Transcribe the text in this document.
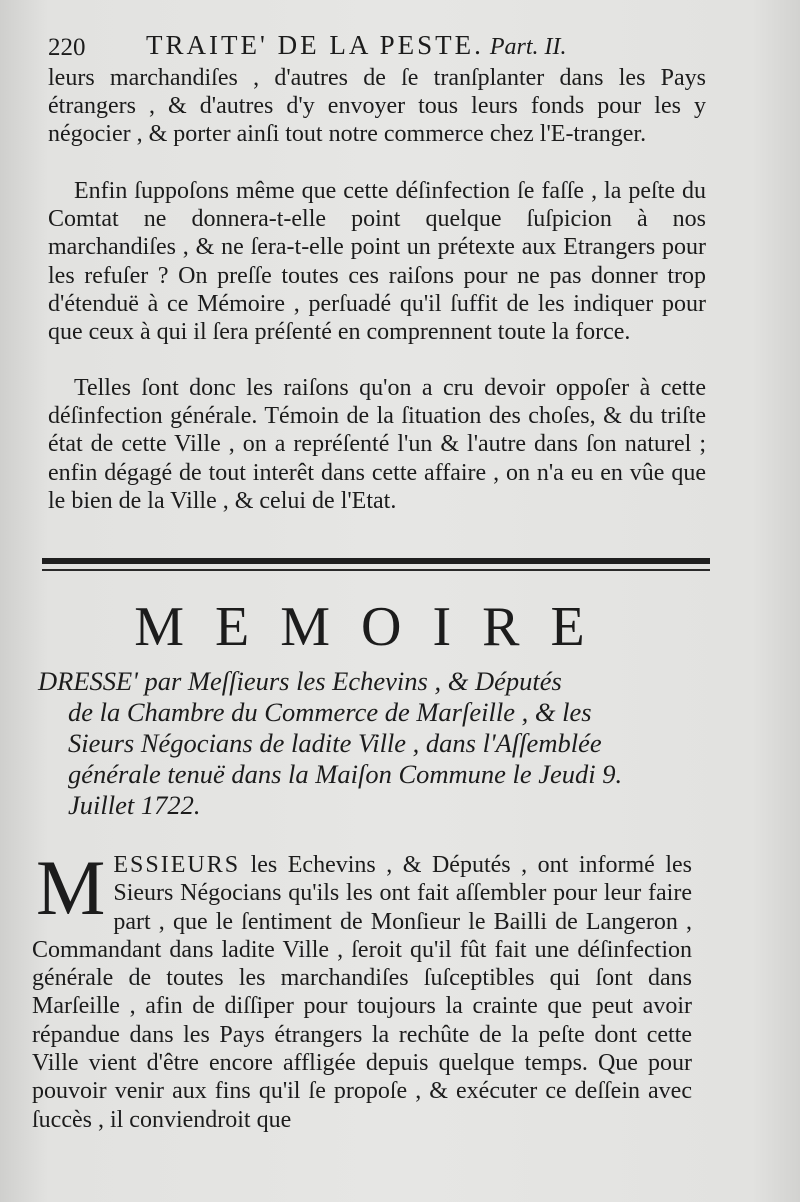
220 TRAITE' DE LA PESTE. Part. II.

leurs marchandiſes , d'autres de ſe tranſplanter dans les Pays étrangers , & d'autres d'y envoyer tous leurs fonds pour les y négocier , & porter ainſi tout notre commerce chez l'E-tranger.

Enfin ſuppoſons même que cette déſinfection ſe faſſe , la peſte du Comtat ne donnera-t-elle point quelque ſuſpicion à nos marchandiſes , & ne ſera-t-elle point un prétexte aux Etrangers pour les refuſer ? On preſſe toutes ces raiſons pour ne pas donner trop d'étenduë à ce Mémoire , perſuadé qu'il ſuffit de les indiquer pour que ceux à qui il ſera préſenté en comprennent toute la force.

Telles ſont donc les raiſons qu'on a cru devoir oppoſer à cette déſinfection générale. Témoin de la ſituation des choſes, & du triſte état de cette Ville , on a repréſenté l'un & l'autre dans ſon naturel ; enfin dégagé de tout interêt dans cette affaire , on n'a eu en vûe que le bien de la Ville , & celui de l'Etat.

MEMOIRE

DRESSE' par Meſſieurs les Echevins , & Députés
de la Chambre du Commerce de Marſeille , & les
Sieurs Négocians de ladite Ville , dans l'Aſſemblée
générale tenuë dans la Maiſon Commune le Jeudi 9.
Juillet 1722.

M ESSIEURS les Echevins , & Députés , ont informé les Sieurs Négocians qu'ils les ont fait aſſembler pour leur faire part , que le ſentiment de Monſieur le Bailli de Langeron , Commandant dans ladite Ville , ſeroit qu'il fût fait une déſinfection générale de toutes les marchandiſes ſuſceptibles qui ſont dans Marſeille , afin de diſſiper pour toujours la crainte que peut avoir répandue dans les Pays étrangers la rechûte de la peſte dont cette Ville vient d'être encore affligée depuis quelque temps. Que pour pouvoir venir aux fins qu'il ſe propoſe , & exécuter ce deſſein avec ſuccès , il conviendroit que
